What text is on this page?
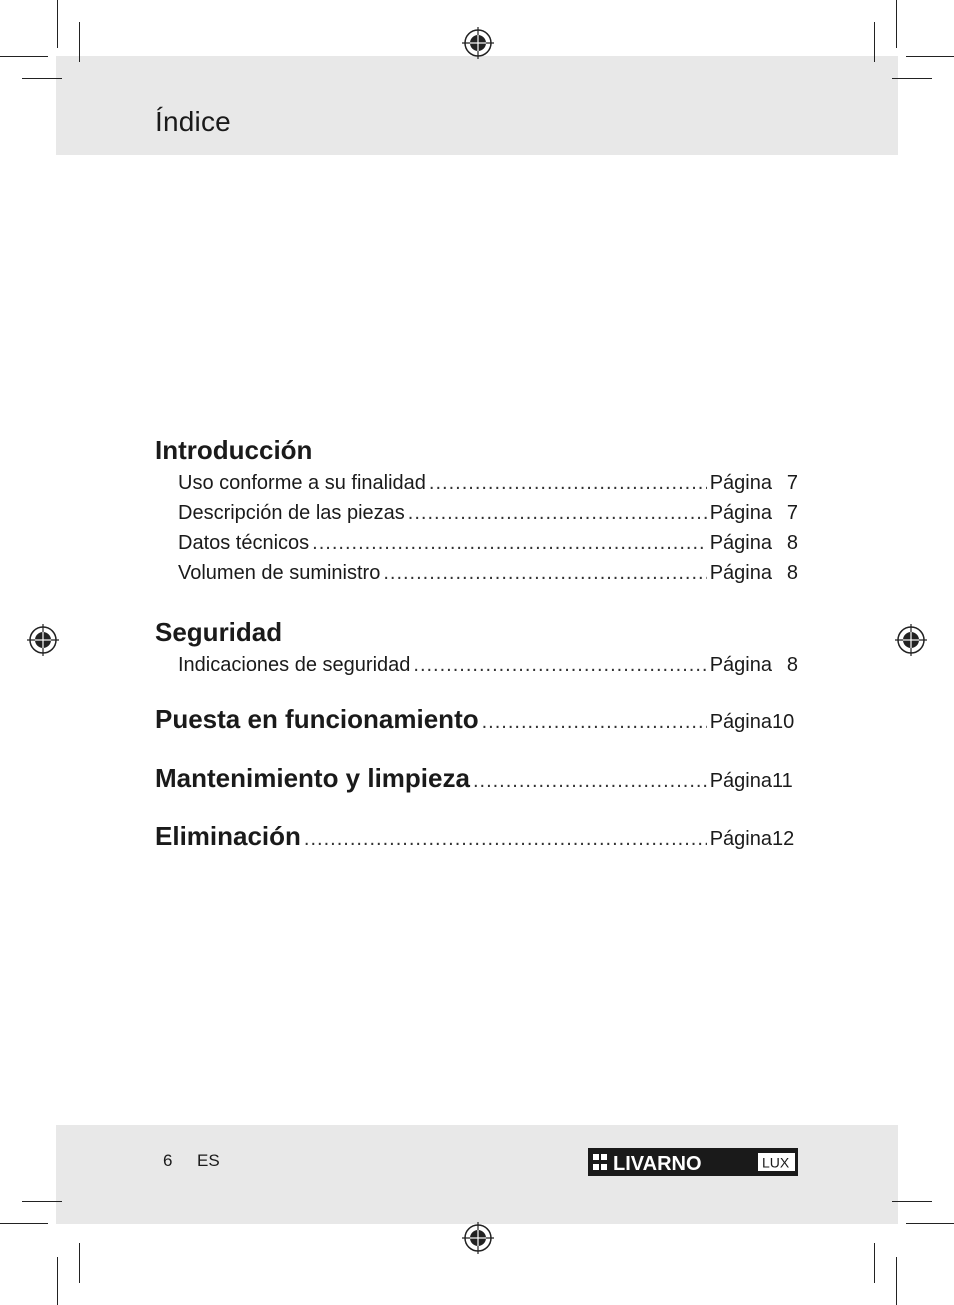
Índice
Introducción
Uso conforme a su finalidad .....	Página 7
Descripción de las piezas .....	Página 7
Datos técnicos .....	Página 8
Volumen de suministro .....	Página 8
Seguridad
Indicaciones de seguridad .....	Página 8
Puesta en funcionamiento .....	Página 10
Mantenimiento y limpieza .....	Página 11
Eliminación .....	Página 12
6 ES	LIVARNO	LUX
